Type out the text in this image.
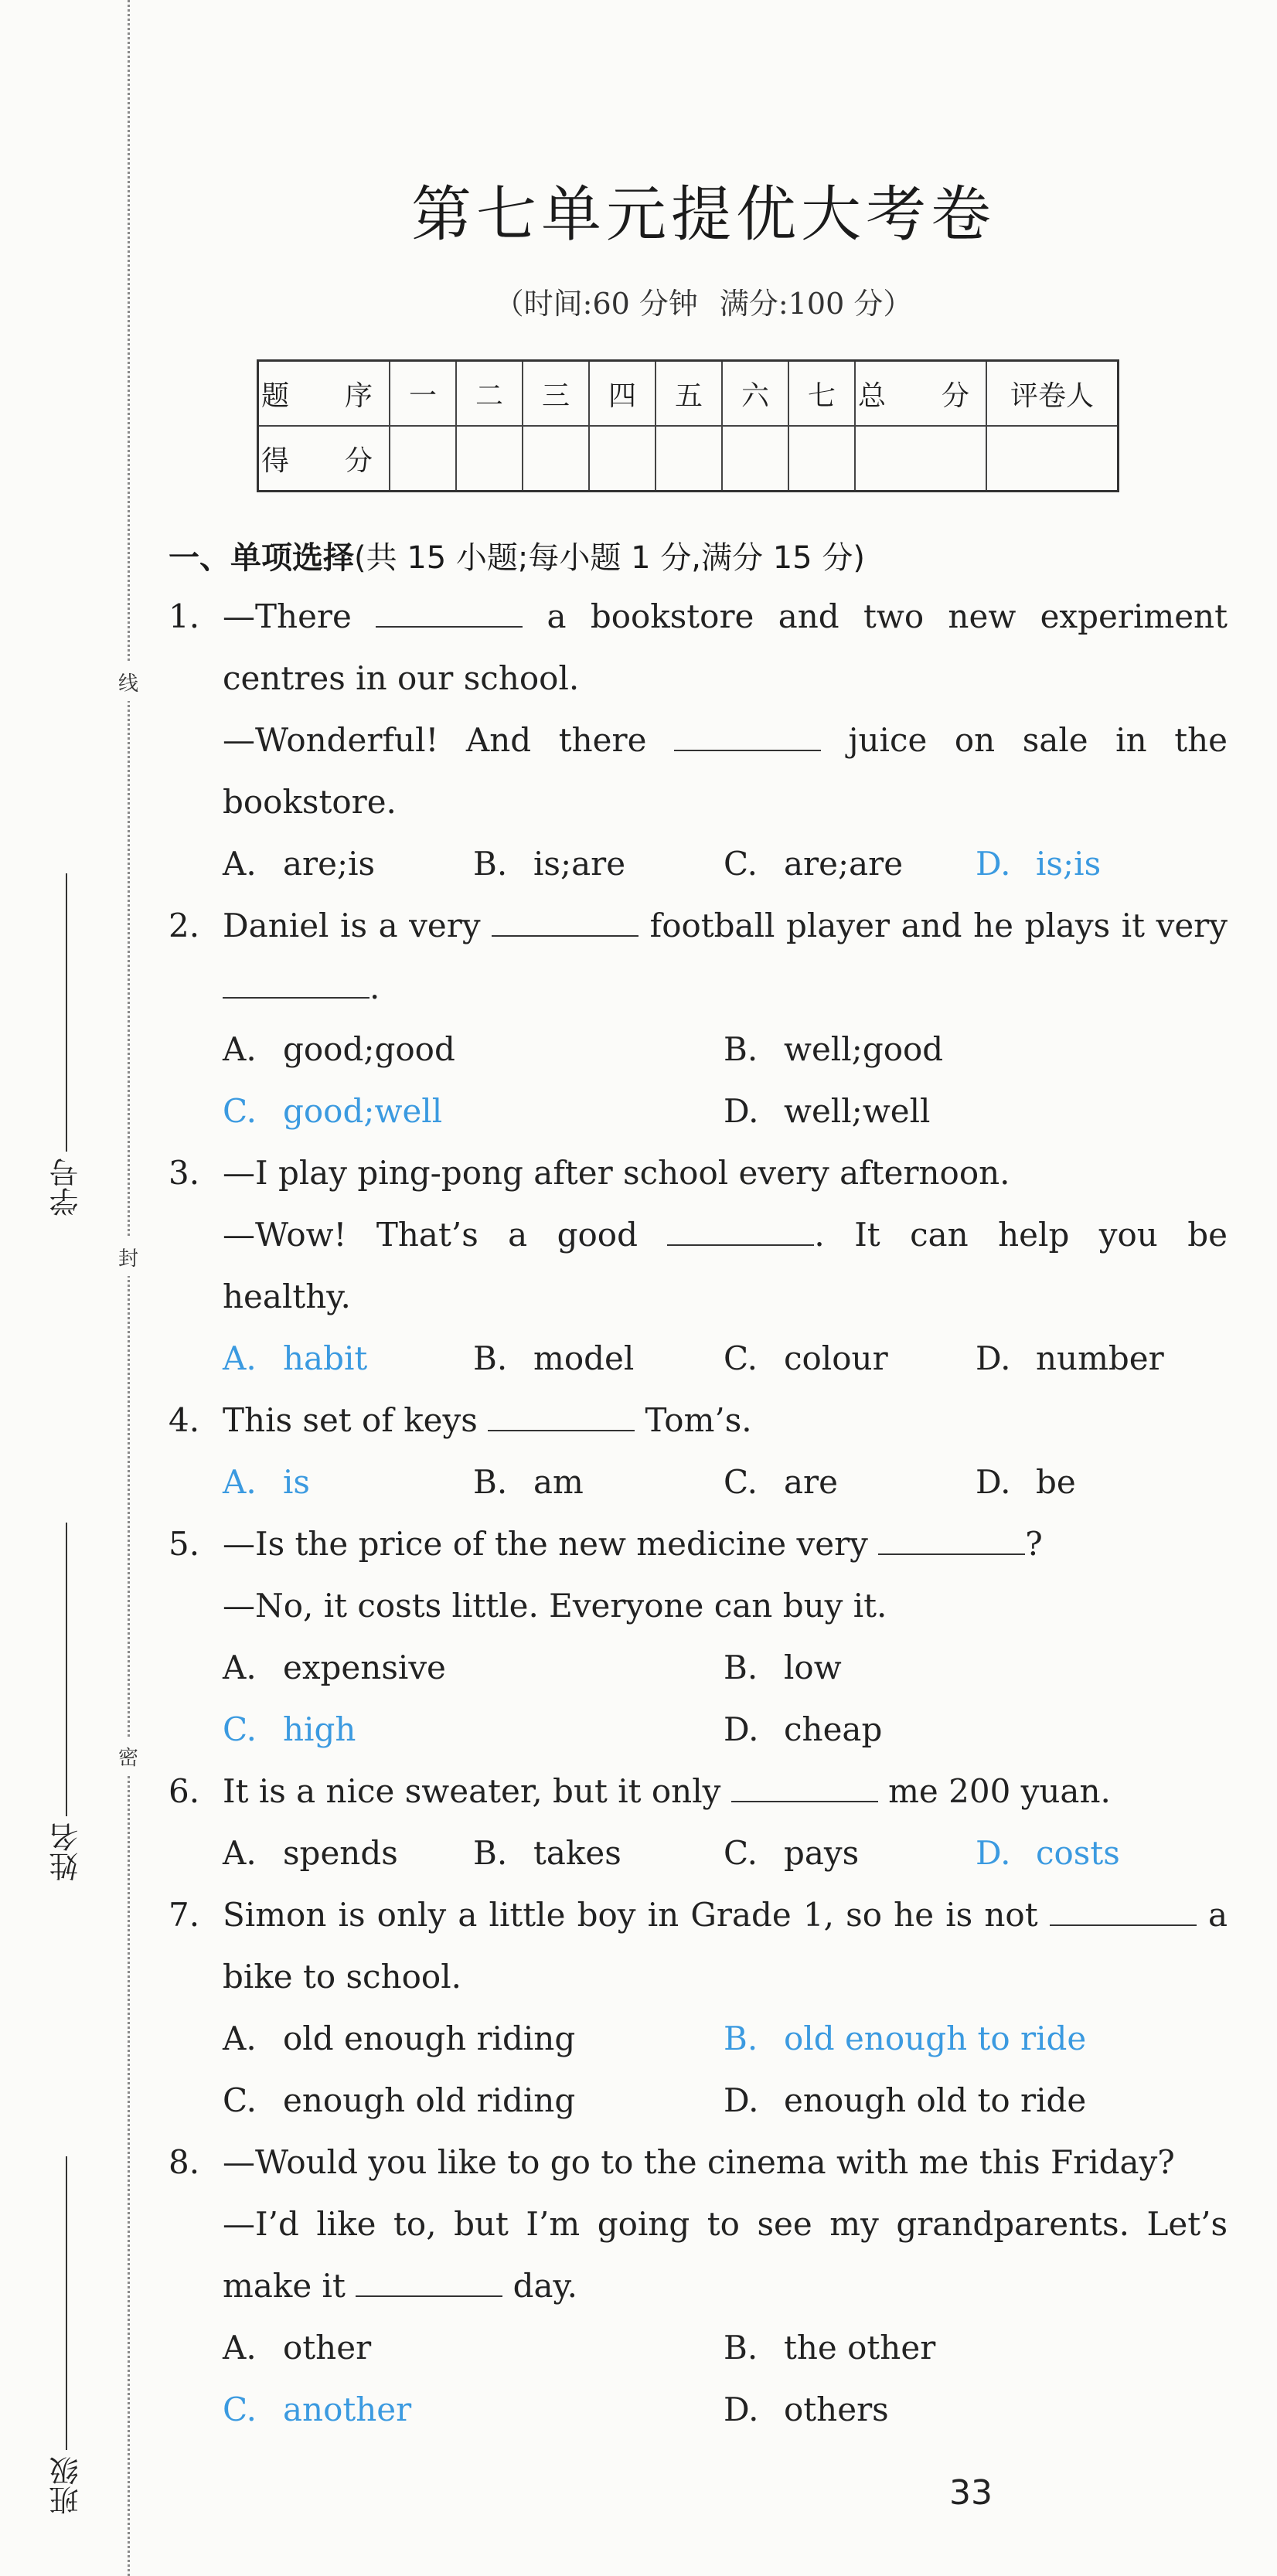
线
封
密
学号
姓名
班级
第七单元提优大考卷
（时间:60 分钟 满分:100 分）
题　序	一	二	三	四	五	六	七	总　分	评卷人
得　分									
一、单项选择(共 15 小题;每小题 1 分,满分 15 分)
1. —There	a bookstore and two new experiment
centres in our school.
—Wonderful! And there	juice on sale in the
bookstore.
A. are;is	B. is;are	C. are;are D. is;is
2. Daniel is a very	football player and he plays it very
.
A. good;good	B. well;good
C. good;well	D. well;well
3. —I play ping-pong after school every afternoon.
—Wow! That’s a good	. It can help you be
healthy.
A. habit	B. model	C. colour	D. number
4. This set of keys	Tom’s.
A. is	B. am	C. are	D. be
5. —Is the price of the new medicine very	?
—No, it costs little. Everyone can buy it.
A. expensive	B. low
C. high	D. cheap
6. It is a nice sweater, but it only	me 200 yuan.
A. spends B. takes	C. pays	D. costs
7. Simon is only a little boy in Grade 1, so he is not	a
bike to school.
A. old enough riding	B. old enough to ride
C. enough old riding	D. enough old to ride
8. —Would you like to go to the cinema with me this Friday?
—I’d like to, but I’m going to see my grandparents. Let’s
make it	day.
A. other	B. the other
C. another	D. others
33
